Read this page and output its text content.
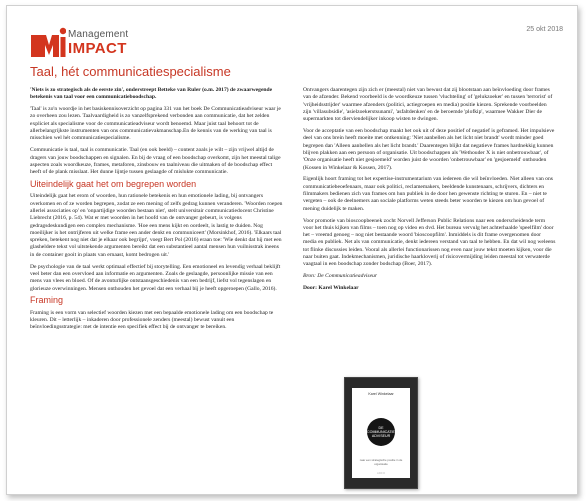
Management
IMPACT
25 okt 2018
Taal, hét communicatiespecialisme

'Niets is zo strategisch als de eerste zin', onderstreept Betteke van Ruler (o.m. 2017) de zwaarwegende betekenis van taal voor een communicatieboodschap.

'Taal' is zo'n woordje in het basiskennisoverzicht op pagina 331 van het boek De Communicatieadviseur waar je zo overheen zou lezen. Taalvaardigheid is zo vanzelfsprekend verbonden aan communicatie, dat het zelden expliciet als specialisme voor de communicatieadviseur wordt benoemd. Maar juist taal behoort tot de allerbelangrijkste instrumenten van ons communicatievakmanschap.En de kennis van de werking van taal is misschien wel hét communicatiespecialisme.

Communicatie is taal, taal is communicatie. Taal (en ook beeld) – content zoals je wilt – zijn vrijwel altijd de dragers van jouw boodschappen en signalen. En bij de vraag of een boodschap overkomt, zijn het meestal talige aspecten zoals woordkeuze, frames, metaforen, zinsbouw en taalniveau die uitmaken of de boodschap effect heeft of de plank misslaat. Het dunne lijntje tussen geslaagde of mislukte communicatie.

Uiteindelijk gaat het om begrepen worden

Uiteindelijk gaat het erom of woorden, hun rationele betekenis en hun emotionele lading, bij ontvangers overkomen en of ze worden begrepen, zodat ze een mening of zelfs gedrag kunnen veranderen. 'Woorden roepen allerlei associaties op' en 'onpartijdige woorden bestaan niet', stelt universitair communicatiedocent Christine Liebrecht (2016, p. 54). Wat er met woorden in het hoofd van de ontvanger gebeurt, is volgens gedragsdeskundigen een complex mechanisme. 'Hoe een mens kijkt en oordeelt, is lastig te duiden. Nog moeilijker is het ontrijferen uit welke frame een ander denkt en communiceert' (Morsinkhof, 2016). 'Elkaars taal spreken, betekent nog niet dat je elkaar ook begrijpt', voegt Bert Pol (2016) eraan toe: 'Wie denkt dat hij met een glasheldere tekst vol uitstekende argumenten bereikt dat een substantieel aantal mensen hun vuilnisstrak ineens in de container gooit in plaats van ernaast, komt bedrogen uit.'

De psychologie van de taal werkt optimaal effectief bij storytelling. Een emotioneel en levendig verhaal beklijft veel beter dan een overvloed aan informatie en argumenten. Zoals de geslaagde, persoonlijke missie van een mens van vlees en bloed. Of de avonturlijke ontstaansgeschiedenis van een bedrijf, liefst vol tegenslagen en glorieuze overwinningen. Mensen onthouden het gevoel dat een verhaal bij je heeft opgeroepen (Gallo, 2016).

Framing

Framing is een vorm van selectief woorden kiezen met een bepaalde emotionele lading om een boodschap te kleuren. Dit – letterlijk – inkaderen door professionele zenders (meestal) bewust vanuit een beïnvloedingsstrategie: met de intentie een specifiek effect bij de ontvanger te bereiken.

Ontvangers daarentegen zijn zich er (meestal) niet van bewust dat zij blootstaan aan beïnvloeding door frames van de afzender. Bekend voorbeeld is de woordkeuze tussen 'vluchteling' of 'gelukzoeker' en tussen 'terrorist' of 'vrijheidsstrijder' waarmee afzenders (politici, actiegroepen en media) positie kiezen. Sprekende voorbeelden zijn 'villasubsidie', 'asielzoekerstsunami', 'asfaltdenken' en de beroemde 'plofkip', waarmee Wakker Dier de supermarkten tot dierviendelijker inkoop wisten te dwingen.

Voor de acceptatie van een boodschap maakt het ook uit of deze positief of negatief is geframed. Het impulsieve deel van ons brein heeft moeite met ontkenning: 'Niet aanbellen als het licht niet brandt' wordt minder goed begrepen dan 'Alleen aanbellen als het licht brandt.' Daarentegen blijkt dat negatieve frames hardnekkig kunnen blijven plakken aan een persoon of organisatie. Uit boodschappen als 'Wethouder X is niet onbetrouwbaar', of 'Onze organisatie heeft niet gesjoemeld' worden juist de woorden 'onbetrouwbaar' en 'gesjoemeld' onthouden (Kossen in Winkelaar & Kossen, 2017).

Eigenlijk hoort framing tot het expertise-instrumentarium van iedereen die wil beïnvloeden. Niet alleen van ons communicatiebeoefenaars, maar ook politici, reclamemakers, beeldende kunstenaars, schrijvers, dichters en filmmakers bedienen zich van frames om hun publiek in de door hen gewenste richting te sturen. En – niet te vergeten – ook de deelnemers aan sociale platforms weten steeds beter woorden te kiezen om hun gevoel of mening duidelijk te maken.

Voor promotie van bioscoopbeenek zocht Norvell Jefferson Public Relations naar een onderscheidende term voor het thuis kijken van films – toen nog op video en dvd. Het bureau vervulg het achterhaalde 'speelfilm' door het – vreemd genoeg – nog niet bestaande woord 'bioscoopfilm'. Inmiddels is dit frame overgenomen door media en publiek. Net als van communicatie, denkt iedereen verstand van taal te hebben. En dat wil nog weleens tot flinke discussies leiden. Vooral als allerlei functionarissen nog even naar jouw tekst moeten kijken, voor die naar buiten gaat. Indekmechanismen, juridische haarkloverij of risicovermijding leiden meestal tot verwaterde vaagtaal in een boodschap zonder bodschap (Boer, 2017).

Bron: De Communicatieadviseur

Door: Karel Winkelaar

Karel Winkelaar
DE
COMMUNICATIE
ADVISEUR
naar een strategische positie in de organisatie
ADFO
